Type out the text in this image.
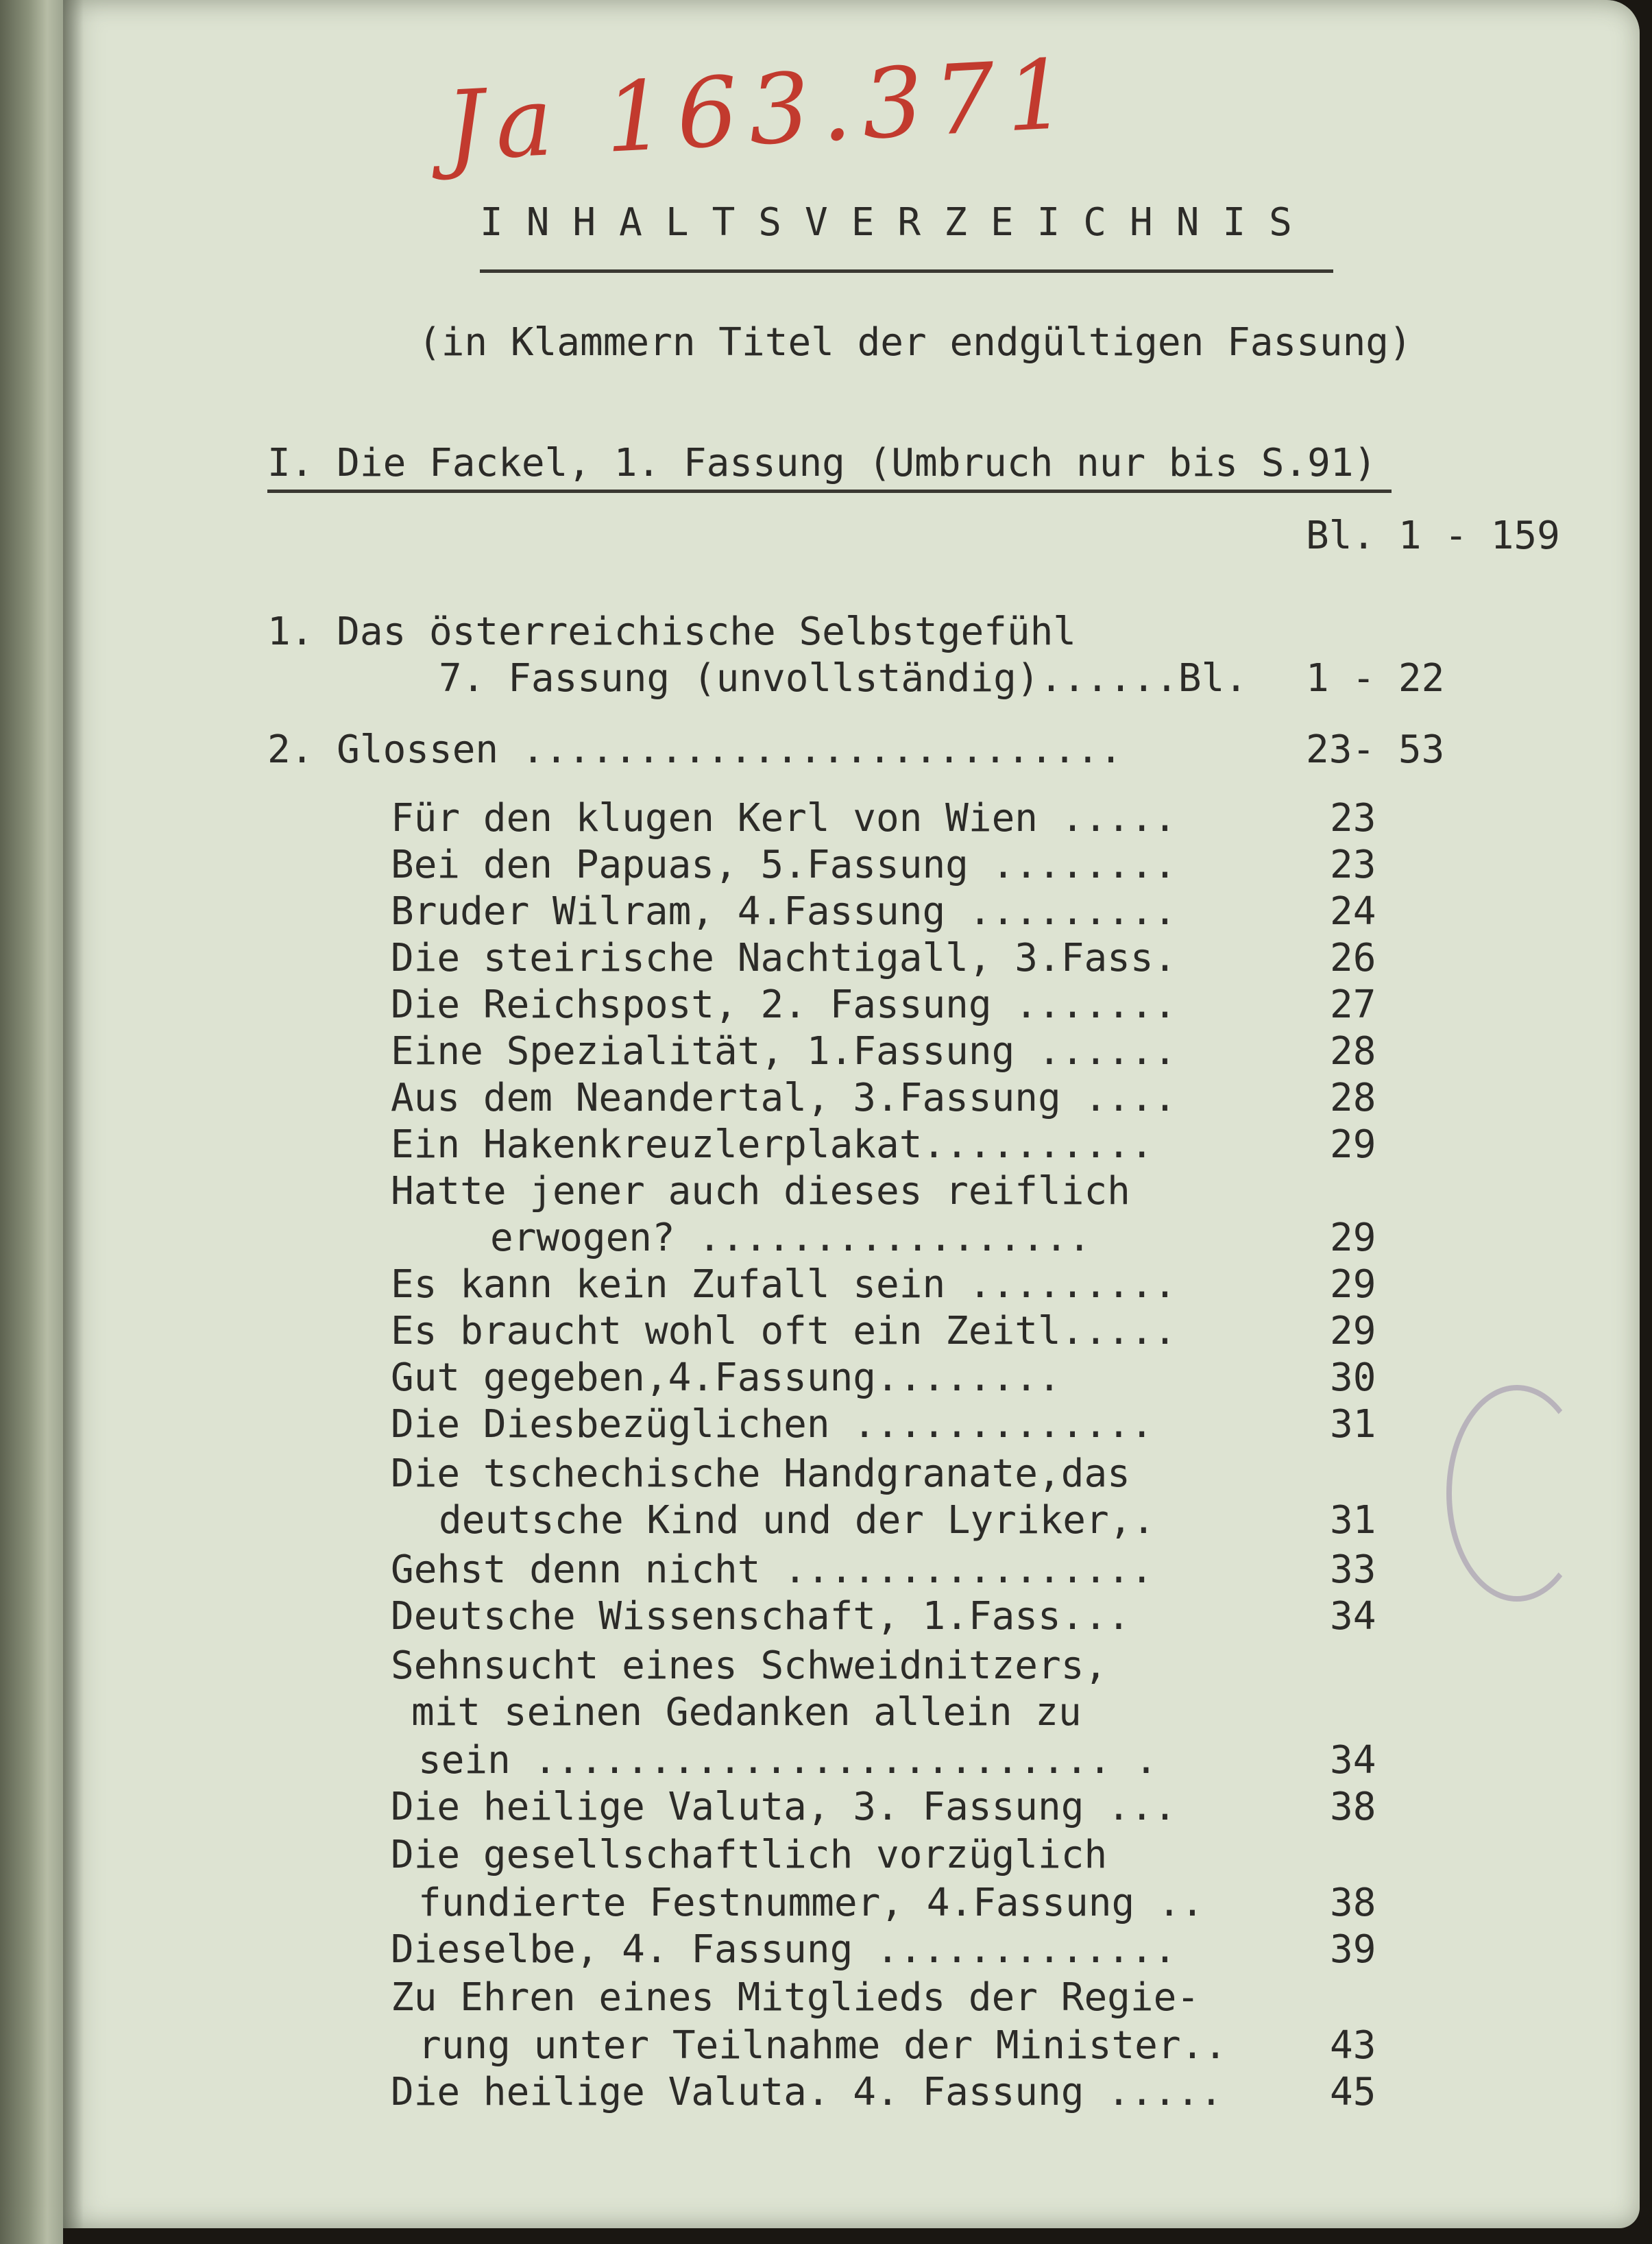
Ja 163.371
INHALTSVERZEICHNIS
(in Klammern Titel der endgültigen Fassung)
I. Die Fackel, 1. Fassung (Umbruch nur bis S.91)
Bl. 1 - 159
1. Das österreichische Selbstgefühl
7. Fassung (unvollständig)......Bl. 1 - 22
2. Glossen ..........................	23- 53
Für den klugen Kerl von Wien .....	23
Bei den Papuas, 5.Fassung ........	23
Bruder Wilram, 4.Fassung .........	24
Die steirische Nachtigall, 3.Fass.	26
Die Reichspost, 2. Fassung .......	27
Eine Spezialität, 1.Fassung ......	28
Aus dem Neandertal, 3.Fassung ....	28
Ein Hakenkreuzlerplakat..........	29
Hatte jener auch dieses reiflich
erwogen? .................	29
Es kann kein Zufall sein .........	29
Es braucht wohl oft ein Zeitl.....	29
Gut gegeben,4.Fassung........	30
Die Diesbezüglichen .............	31
Die tschechische Handgranate,das
deutsche Kind und der Lyriker,.	31
Gehst denn nicht ................	33
Deutsche Wissenschaft, 1.Fass...	34
Sehnsucht eines Schweidnitzers,
mit seinen Gedanken allein zu
sein ......................... .	34
Die heilige Valuta, 3. Fassung ...	38
Die gesellschaftlich vorzüglich
fundierte Festnummer, 4.Fassung ..	38
Dieselbe, 4. Fassung .............	39
Zu Ehren eines Mitglieds der Regie-
rung unter Teilnahme der Minister..	43
Die heilige Valuta. 4. Fassung .....	45
